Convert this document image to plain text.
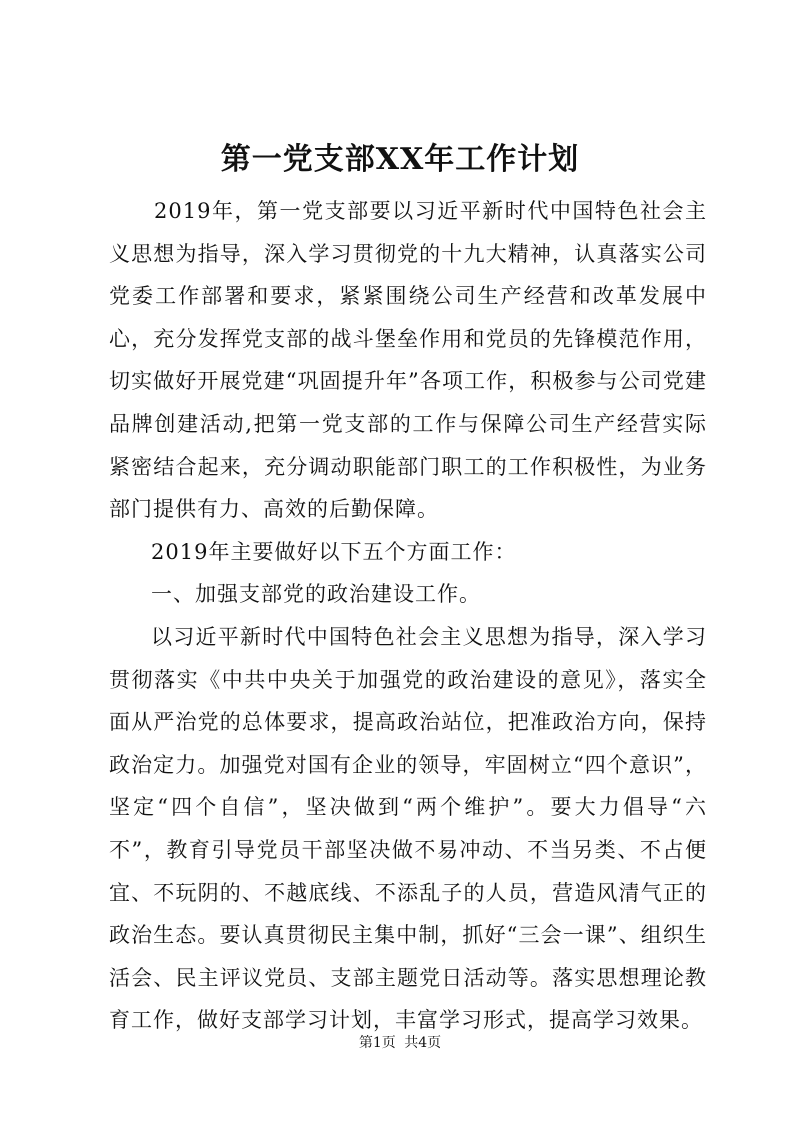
第一党支部XX年工作计划

2019年，第一党支部要以习近平新时代中国特色社会主义思想为指导，深入学习贯彻党的十九大精神，认真落实公司党委工作部署和要求，紧紧围绕公司生产经营和改革发展中心，充分发挥党支部的战斗堡垒作用和党员的先锋模范作用，切实做好开展党建“巩固提升年”各项工作，积极参与公司党建品牌创建活动,把第一党支部的工作与保障公司生产经营实际紧密结合起来，充分调动职能部门职工的工作积极性，为业务部门提供有力、高效的后勤保障。

2019年主要做好以下五个方面工作：

一、加强支部党的政治建设工作。

以习近平新时代中国特色社会主义思想为指导，深入学习贯彻落实《中共中央关于加强党的政治建设的意见》，落实全面从严治党的总体要求，提高政治站位，把准政治方向，保持政治定力。加强党对国有企业的领导，牢固树立“四个意识”，坚定“四个自信”，坚决做到“两个维护”。要大力倡导“六不”，教育引导党员干部坚决做不易冲动、不当另类、不占便宜、不玩阴的、不越底线、不添乱子的人员，营造风清气正的政治生态。要认真贯彻民主集中制，抓好“三会一课”、组织生活会、民主评议党员、支部主题党日活动等。落实思想理论教育工作，做好支部学习计划，丰富学习形式，提高学习效果。

第1页 共4页
